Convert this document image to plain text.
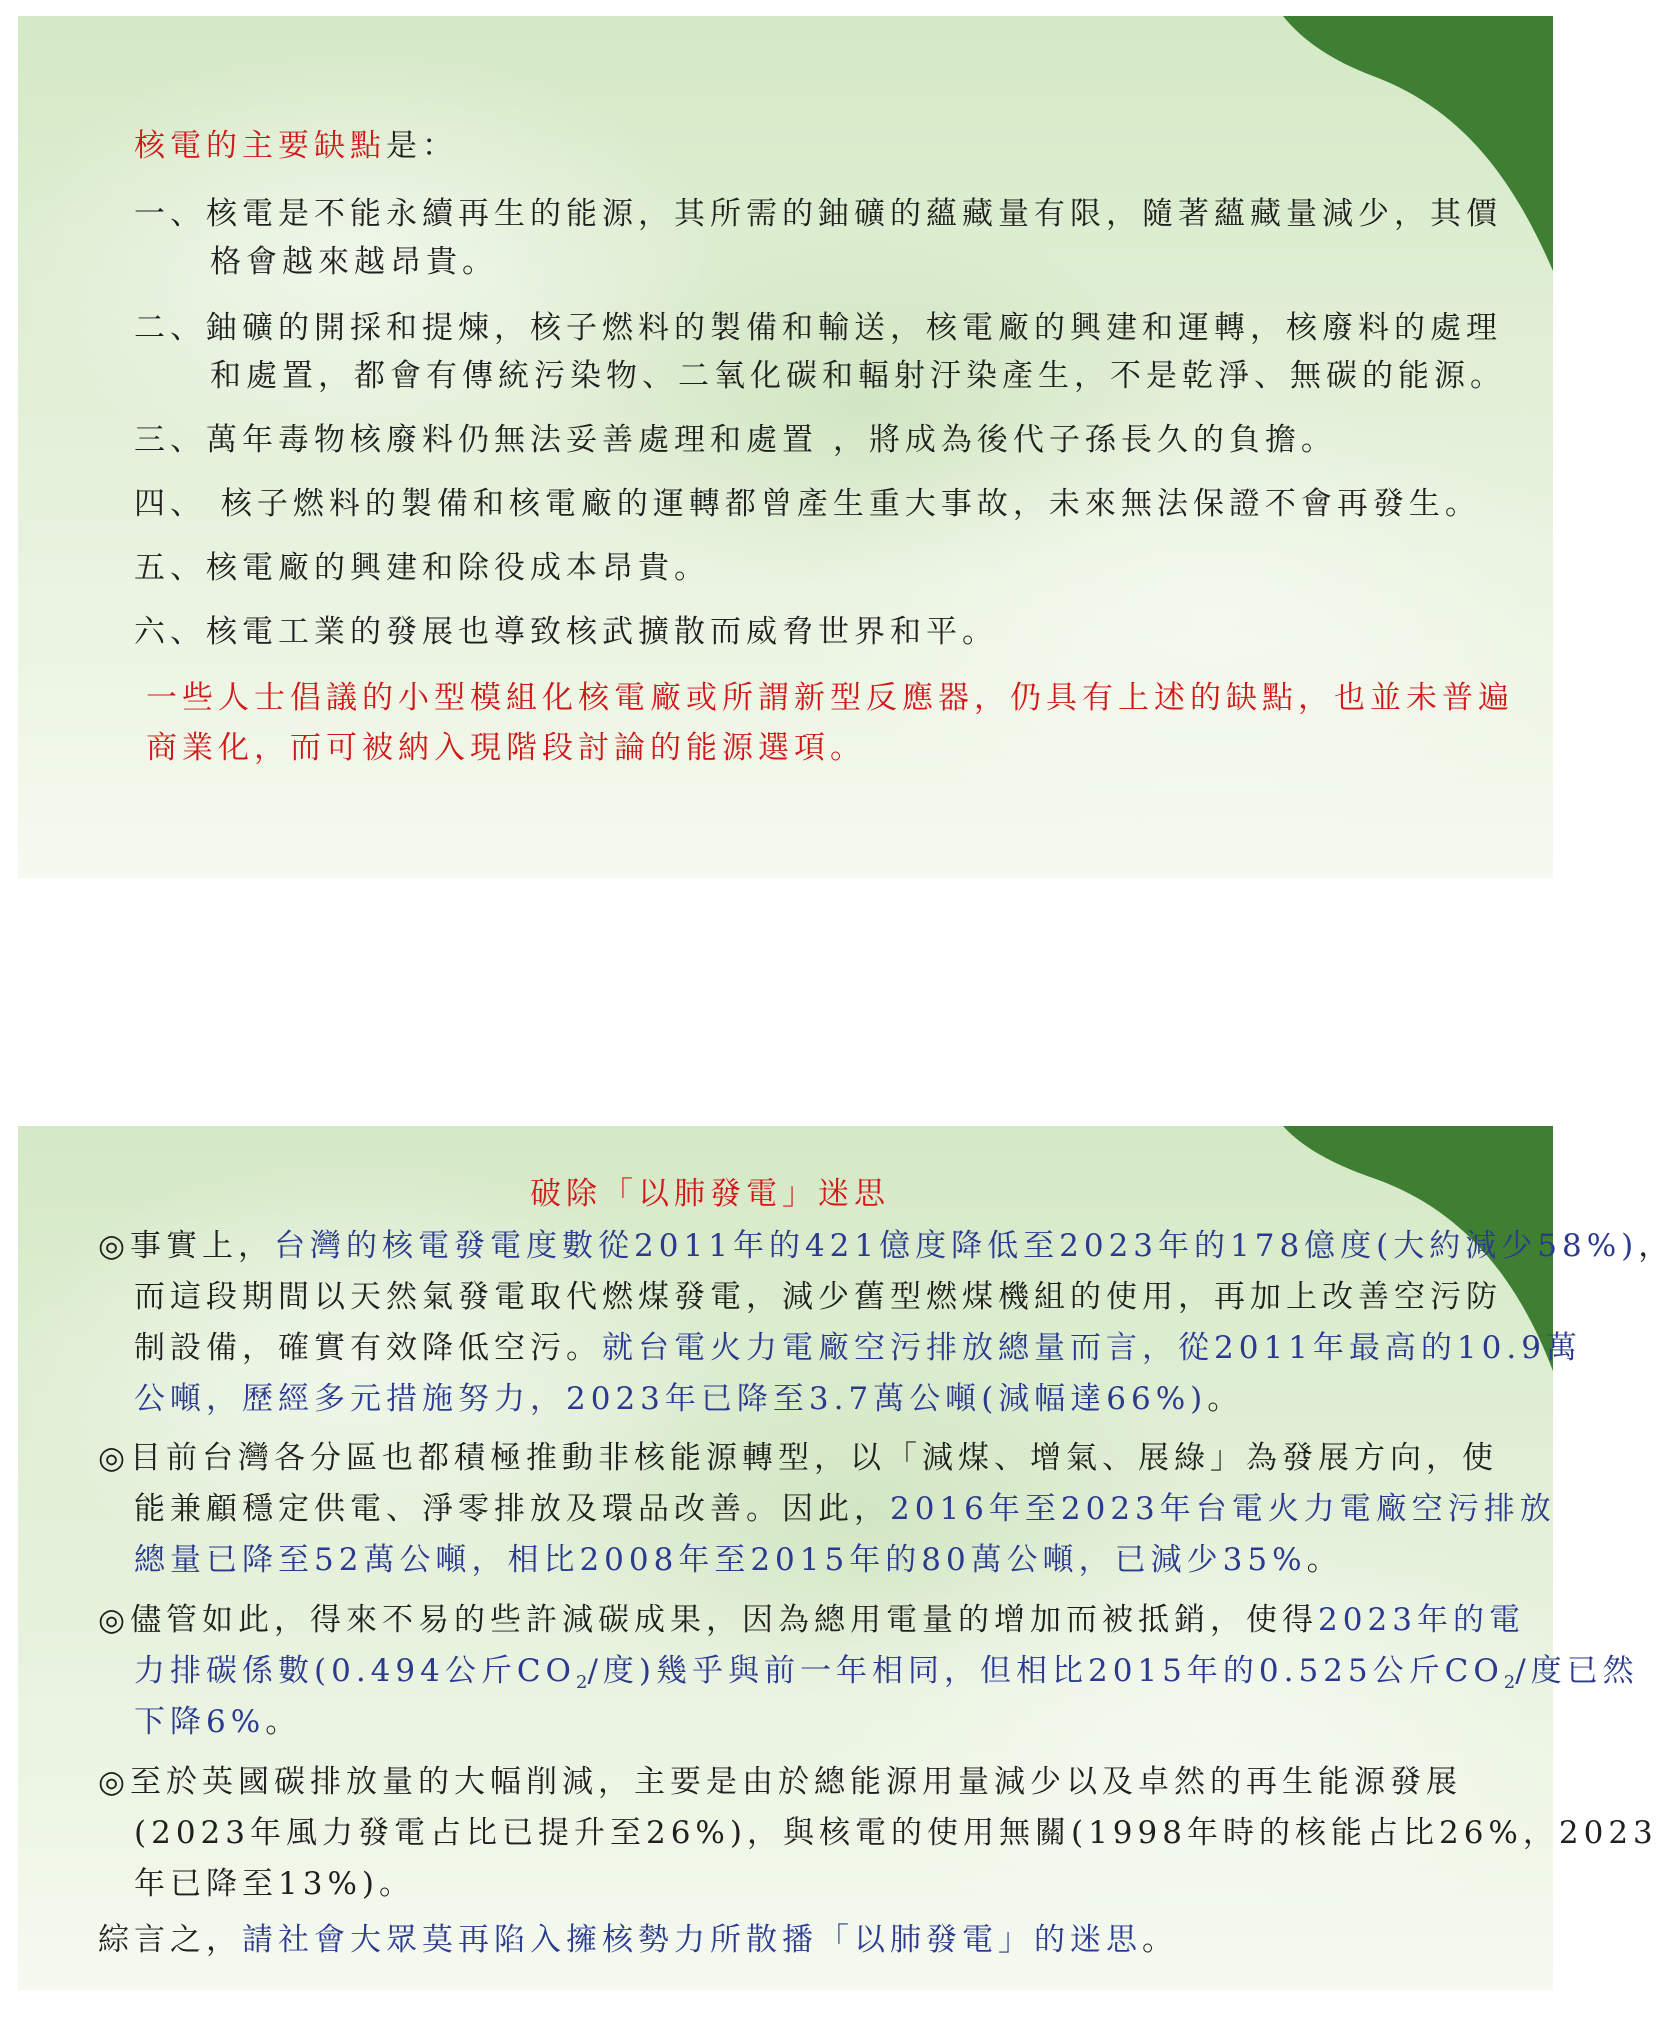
核電的主要缺點是：
一、核電是不能永續再生的能源，其所需的鈾礦的蘊藏量有限，隨著蘊藏量減少，其價
格會越來越昂貴。
二、鈾礦的開採和提煉，核子燃料的製備和輸送，核電廠的興建和運轉，核廢料的處理
和處置，都會有傳統污染物、二氧化碳和輻射汙染產生，不是乾淨、無碳的能源。
三、萬年毒物核廢料仍無法妥善處理和處置 ，將成為後代子孫長久的負擔。
四、 核子燃料的製備和核電廠的運轉都曾產生重大事故，未來無法保證不會再發生。
五、核電廠的興建和除役成本昂貴。
六、核電工業的發展也導致核武擴散而威脅世界和平。
一些人士倡議的小型模組化核電廠或所謂新型反應器，仍具有上述的缺點，也並未普遍
商業化，而可被納入現階段討論的能源選項。
破除「以肺發電」迷思
◎事實上，台灣的核電發電度數從2011年的421億度降低至2023年的178億度(大約減少58%)，
而這段期間以天然氣發電取代燃煤發電，減少舊型燃煤機組的使用，再加上改善空污防
制設備，確實有效降低空污。就台電火力電廠空污排放總量而言，從2011年最高的10.9萬
公噸，歷經多元措施努力，2023年已降至3.7萬公噸(減幅達66%)。
◎目前台灣各分區也都積極推動非核能源轉型，以「減煤、增氣、展綠」為發展方向，使
能兼顧穩定供電、淨零排放及環品改善。因此，2016年至2023年台電火力電廠空污排放
總量已降至52萬公噸，相比2008年至2015年的80萬公噸，已減少35%。
◎儘管如此，得來不易的些許減碳成果，因為總用電量的增加而被抵銷，使得2023年的電
力排碳係數(0.494公斤$CO_2/$度)幾乎與前一年相同，但相比2015年的0.525公斤$CO_2/$度已然
下降6%。
◎至於英國碳排放量的大幅削減，主要是由於總能源用量減少以及卓然的再生能源發展
(2023年風力發電占比已提升至26%)，與核電的使用無關(1998年時的核能占比26%，2023
年已降至13%)。
綜言之，請社會大眾莫再陷入擁核勢力所散播「以肺發電」的迷思。
